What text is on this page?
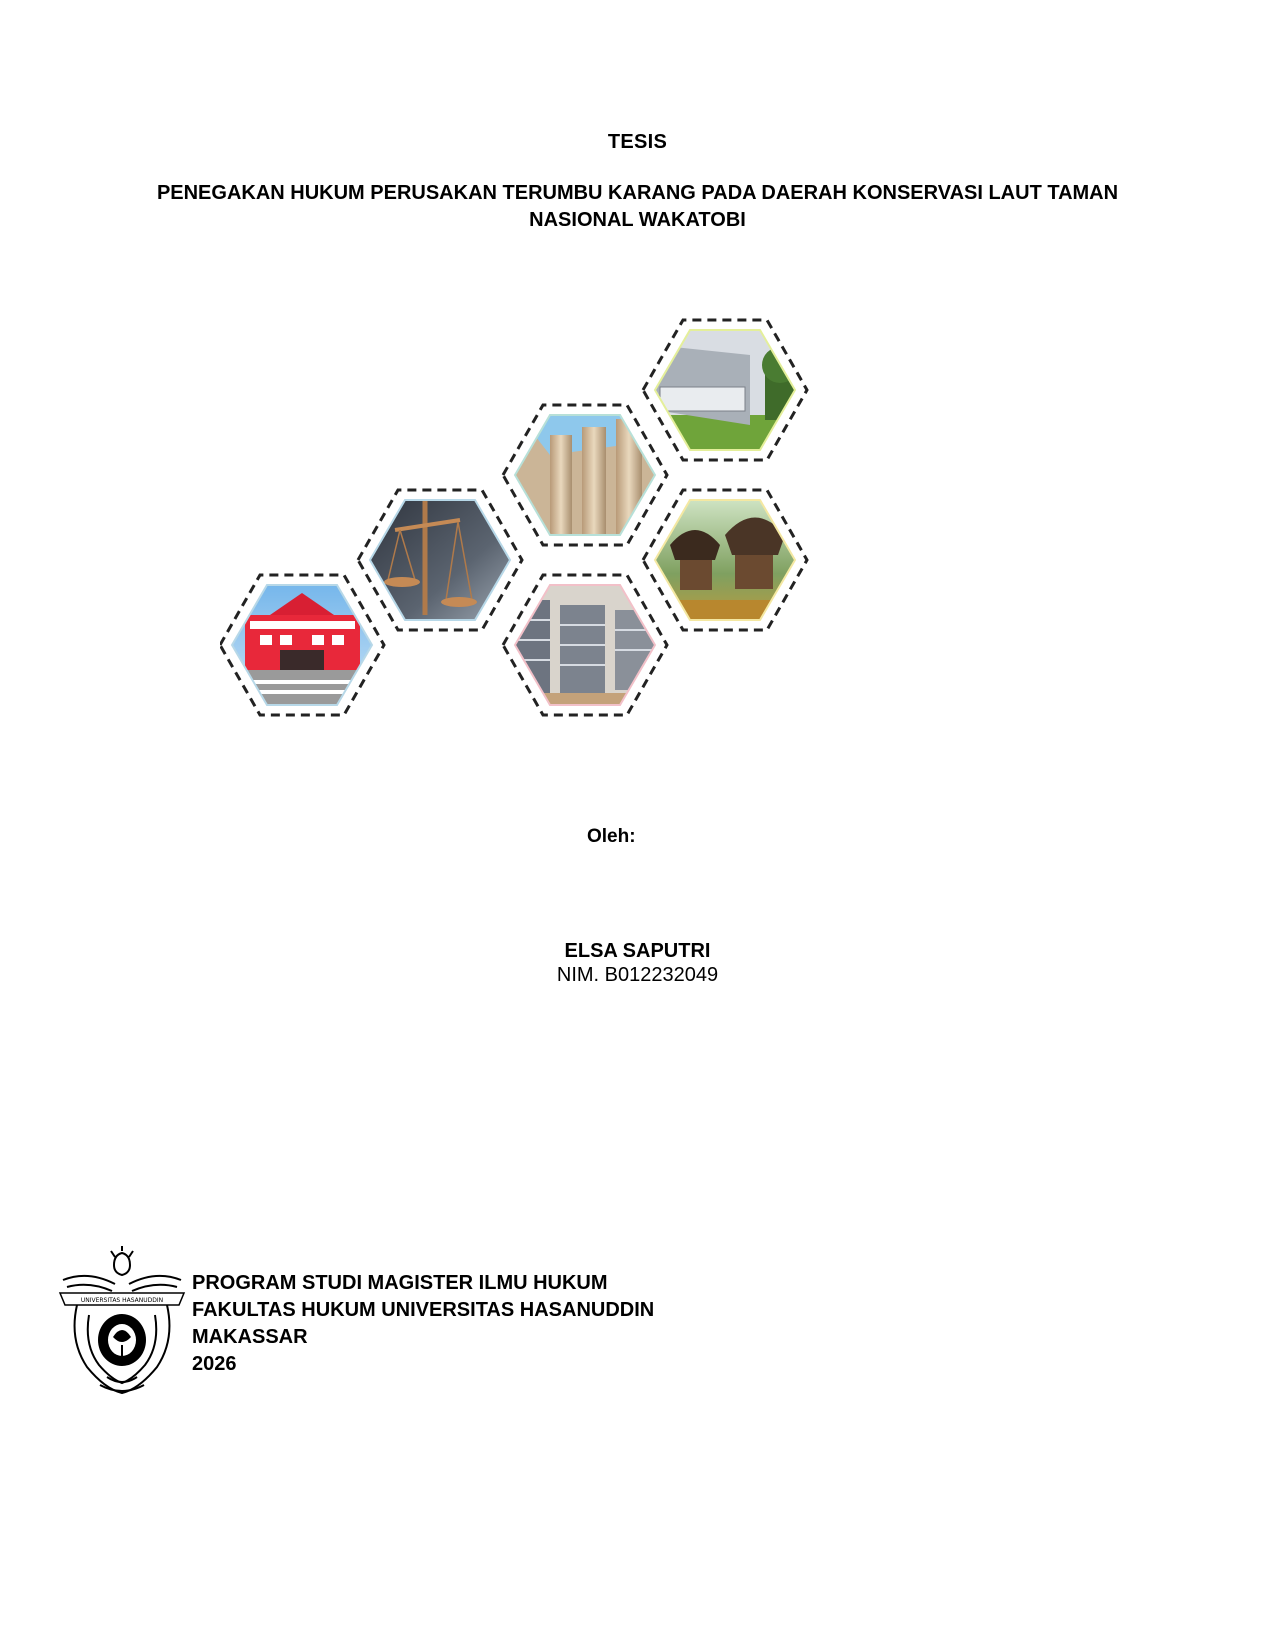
TESIS
PENEGAKAN HUKUM PERUSAKAN TERUMBU KARANG PADA DAERAH KONSERVASI LAUT TAMAN NASIONAL WAKATOBI
Oleh:
ELSA SAPUTRI
NIM. B012232049
UNIVERSITAS HASANUDDIN
PROGRAM STUDI MAGISTER ILMU HUKUM
FAKULTAS HUKUM UNIVERSITAS HASANUDDIN
MAKASSAR
2026
